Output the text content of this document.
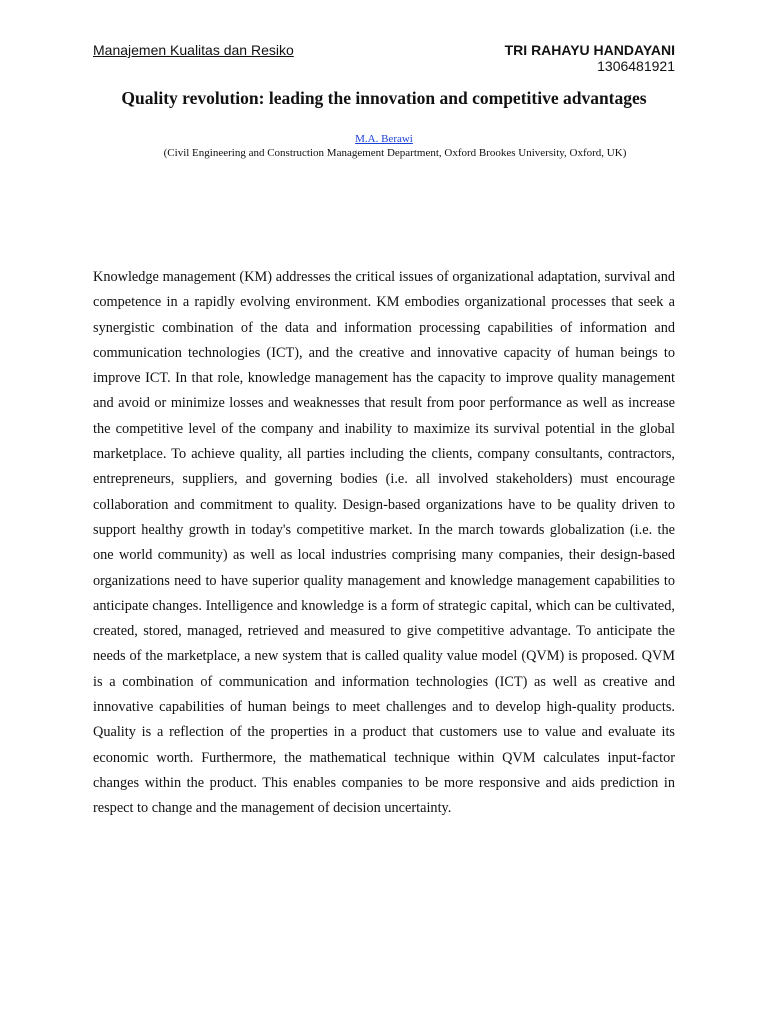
Manajemen Kualitas dan Resiko	TRI RAHAYU HANDAYANI
1306481921
Quality revolution: leading the innovation and competitive advantages
M.A. Berawi
(Civil Engineering and Construction Management Department, Oxford Brookes University, Oxford, UK)

Knowledge management (KM) addresses the critical issues of organizational adaptation, survival and competence in a rapidly evolving environment. KM embodies organizational processes that seek a synergistic combination of the data and information processing capabilities of information and communication technologies (ICT), and the creative and innovative capacity of human beings to improve ICT. In that role, knowledge management has the capacity to improve quality management and avoid or minimize losses and weaknesses that result from poor performance as well as increase the competitive level of the company and inability to maximize its survival potential in the global marketplace. To achieve quality, all parties including the clients, company consultants, contractors, entrepreneurs, suppliers, and governing bodies (i.e. all involved stakeholders) must encourage collaboration and commitment to quality. Design-based organizations have to be quality driven to support healthy growth in today's competitive market. In the march towards globalization (i.e. the one world community) as well as local industries comprising many companies, their design-based organizations need to have superior quality management and knowledge management capabilities to anticipate changes. Intelligence and knowledge is a form of strategic capital, which can be cultivated, created, stored, managed, retrieved and measured to give competitive advantage. To anticipate the needs of the marketplace, a new system that is called quality value model (QVM) is proposed. QVM is a combination of communication and information technologies (ICT) as well as creative and innovative capabilities of human beings to meet challenges and to develop high-quality products. Quality is a reflection of the properties in a product that customers use to value and evaluate its economic worth. Furthermore, the mathematical technique within QVM calculates input-factor changes within the product. This enables companies to be more responsive and aids prediction in respect to change and the management of decision uncertainty.
